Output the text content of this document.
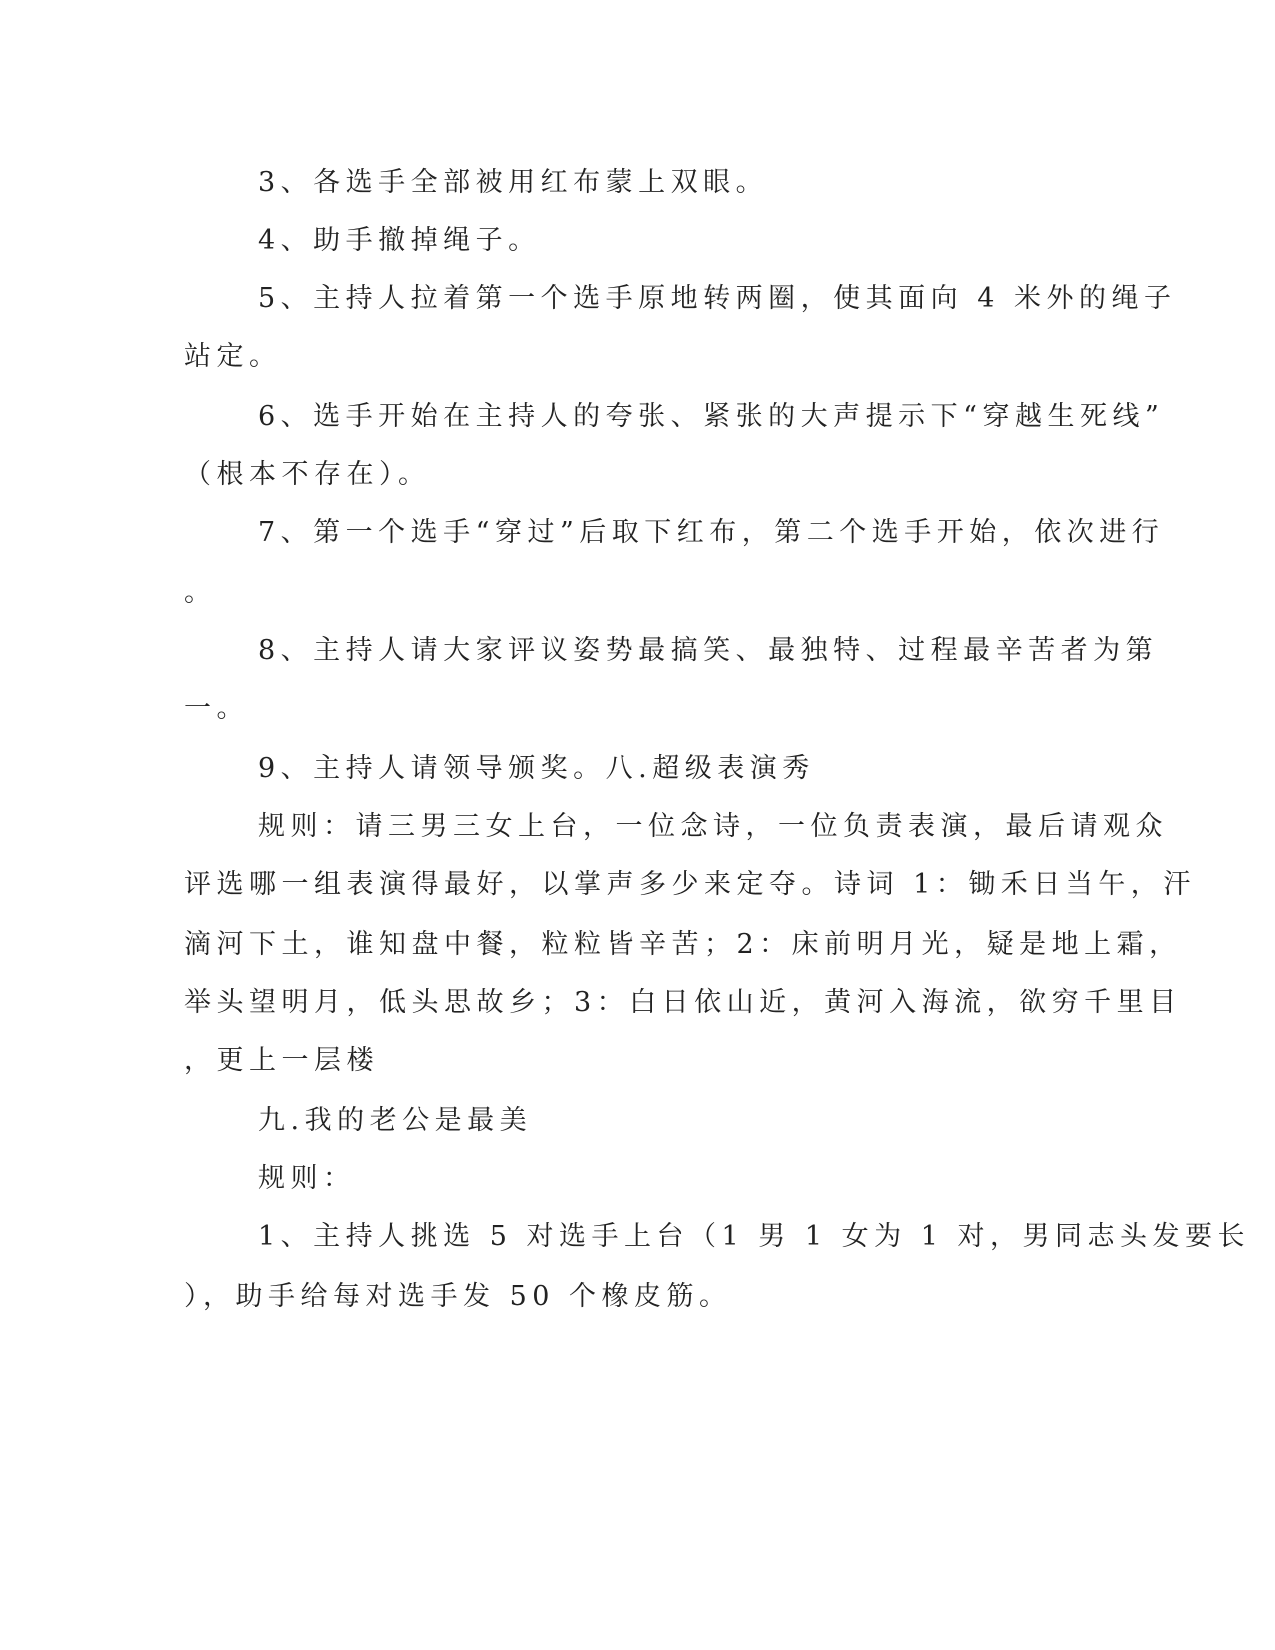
3、各选手全部被用红布蒙上双眼。

4、助手撤掉绳子。

5、主持人拉着第一个选手原地转两圈，使其面向 4 米外的绳子

站定。

6、选手开始在主持人的夸张、紧张的大声提示下“穿越生死线”

（根本不存在）。

7、第一个选手“穿过”后取下红布，第二个选手开始，依次进行

。

8、主持人请大家评议姿势最搞笑、最独特、过程最辛苦者为第

一。

9、主持人请领导颁奖。八.超级表演秀

规则：请三男三女上台，一位念诗，一位负责表演，最后请观众

评选哪一组表演得最好，以掌声多少来定夺。诗词 1：锄禾日当午，汗

滴河下土，谁知盘中餐，粒粒皆辛苦；2：床前明月光，疑是地上霜，

举头望明月，低头思故乡；3：白日依山近，黄河入海流，欲穷千里目

，更上一层楼

九.我的老公是最美

规则：

1、主持人挑选 5 对选手上台（1 男 1 女为 1 对，男同志头发要长

），助手给每对选手发 50 个橡皮筋。
